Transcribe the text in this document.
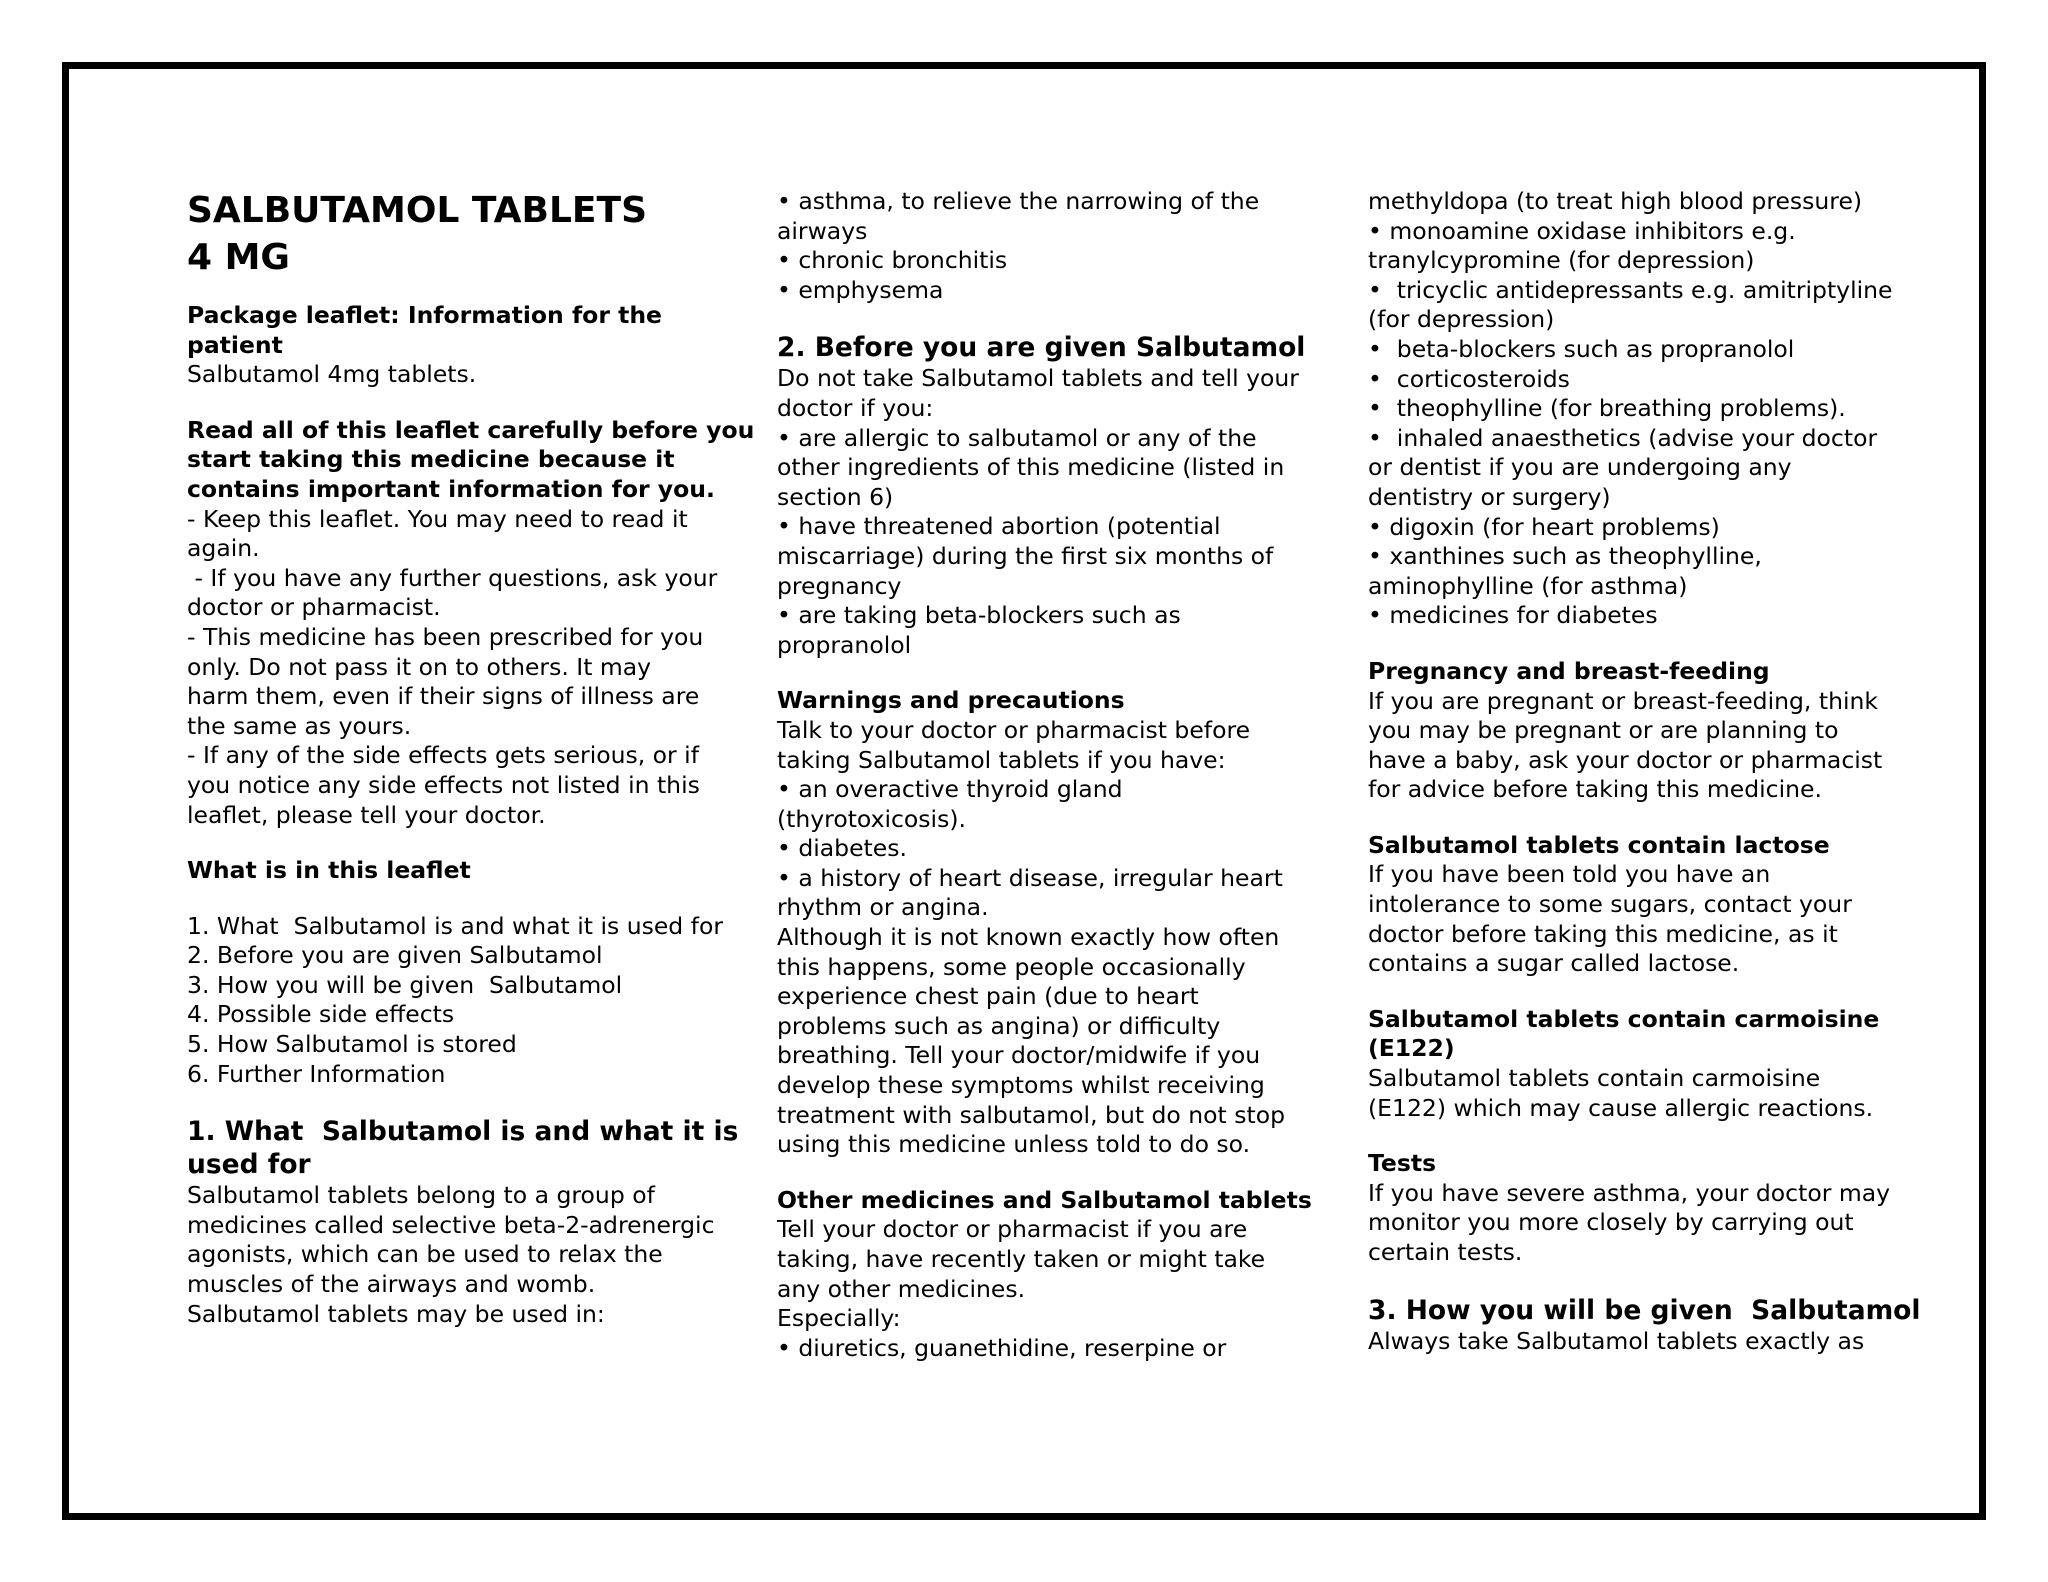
SALBUTAMOL TABLETS
4 MG

Package leaflet: Information for the
patient

Salbutamol 4mg tablets.

Read all of this leaflet carefully before you
start taking this medicine because it
contains important information for you.

- Keep this leaflet. You may need to read it
again.
- If you have any further questions, ask your
doctor or pharmacist.
- This medicine has been prescribed for you
only. Do not pass it on to others. It may
harm them, even if their signs of illness are
the same as yours.
- If any of the side effects gets serious, or if
you notice any side effects not listed in this
leaflet, please tell your doctor.

What is in this leaflet

1. What  Salbutamol is and what it is used for
2. Before you are given Salbutamol
3. How you will be given  Salbutamol
4. Possible side effects
5. How Salbutamol is stored
6. Further Information

1. What  Salbutamol is and what it is
used for

Salbutamol tablets belong to a group of
medicines called selective beta-2-adrenergic
agonists, which can be used to relax the
muscles of the airways and womb.
Salbutamol tablets may be used in:

• asthma, to relieve the narrowing of the
airways
• chronic bronchitis
• emphysema

2. Before you are given Salbutamol

Do not take Salbutamol tablets and tell your
doctor if you:
• are allergic to salbutamol or any of the
other ingredients of this medicine (listed in
section 6)
• have threatened abortion (potential
miscarriage) during the first six months of
pregnancy
• are taking beta-blockers such as
propranolol

Warnings and precautions

Talk to your doctor or pharmacist before
taking Salbutamol tablets if you have:
• an overactive thyroid gland
(thyrotoxicosis).
• diabetes.
• a history of heart disease, irregular heart
rhythm or angina.
Although it is not known exactly how often
this happens, some people occasionally
experience chest pain (due to heart
problems such as angina) or difficulty
breathing. Tell your doctor/midwife if you
develop these symptoms whilst receiving
treatment with salbutamol, but do not stop
using this medicine unless told to do so.

Other medicines and Salbutamol tablets

Tell your doctor or pharmacist if you are
taking, have recently taken or might take
any other medicines.
Especially:
• diuretics, guanethidine, reserpine or

methyldopa (to treat high blood pressure)
• monoamine oxidase inhibitors e.g.
tranylcypromine (for depression)
•  tricyclic antidepressants e.g. amitriptyline
(for depression)
•  beta-blockers such as propranolol
•  corticosteroids
•  theophylline (for breathing problems).
•  inhaled anaesthetics (advise your doctor
or dentist if you are undergoing any
dentistry or surgery)
• digoxin (for heart problems)
• xanthines such as theophylline,
aminophylline (for asthma)
• medicines for diabetes

Pregnancy and breast-feeding

If you are pregnant or breast-feeding, think
you may be pregnant or are planning to
have a baby, ask your doctor or pharmacist
for advice before taking this medicine.

Salbutamol tablets contain lactose

If you have been told you have an
intolerance to some sugars, contact your
doctor before taking this medicine, as it
contains a sugar called lactose.

Salbutamol tablets contain carmoisine
(E122)

Salbutamol tablets contain carmoisine
(E122) which may cause allergic reactions.

Tests

If you have severe asthma, your doctor may
monitor you more closely by carrying out
certain tests.

3. How you will be given  Salbutamol

Always take Salbutamol tablets exactly as
